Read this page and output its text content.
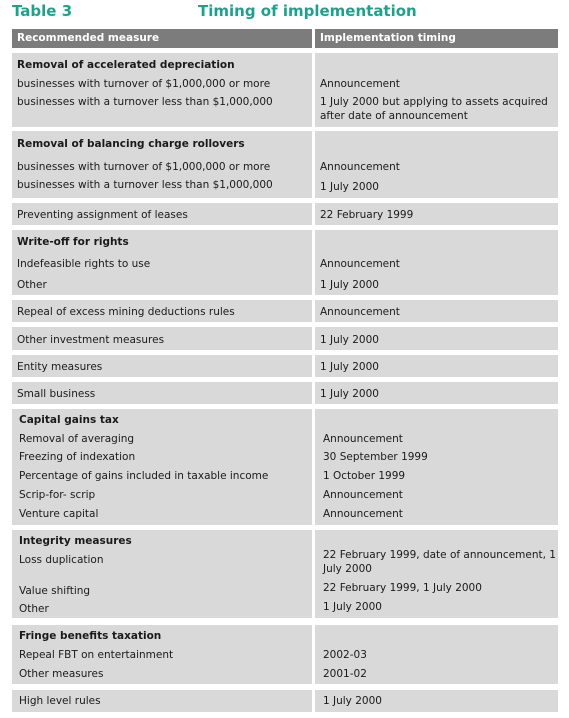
Table 3	Timing of implementation
Recommended measure	Implementation timing
Removal of accelerated depreciation
businesses with turnover of $1,000,000 or more	Announcement
businesses with a turnover less than $1,000,000	1 July 2000 but applying to assets acquired after date of announcement
Removal of balancing charge rollovers
businesses with turnover of $1,000,000 or more	Announcement
businesses with a turnover less than $1,000,000	1 July 2000
Preventing assignment of leases	22 February 1999
Write-off for rights
Indefeasible rights to use	Announcement
Other	1 July 2000
Repeal of excess mining deductions rules	Announcement
Other investment measures	1 July 2000
Entity measures	1 July 2000
Small business	1 July 2000
Capital gains tax
Removal of averaging	Announcement
Freezing of indexation	30 September 1999
Percentage of gains included in taxable income	1 October 1999
Scrip-for- scrip	Announcement
Venture capital	Announcement
Integrity measures
Loss duplication	22 February 1999, date of announcement, 1 July 2000
Value shifting	22 February 1999, 1 July 2000
Other	1 July 2000
Fringe benefits taxation
Repeal FBT on entertainment	2002-03
Other measures	2001-02
High level rules	1 July 2000
